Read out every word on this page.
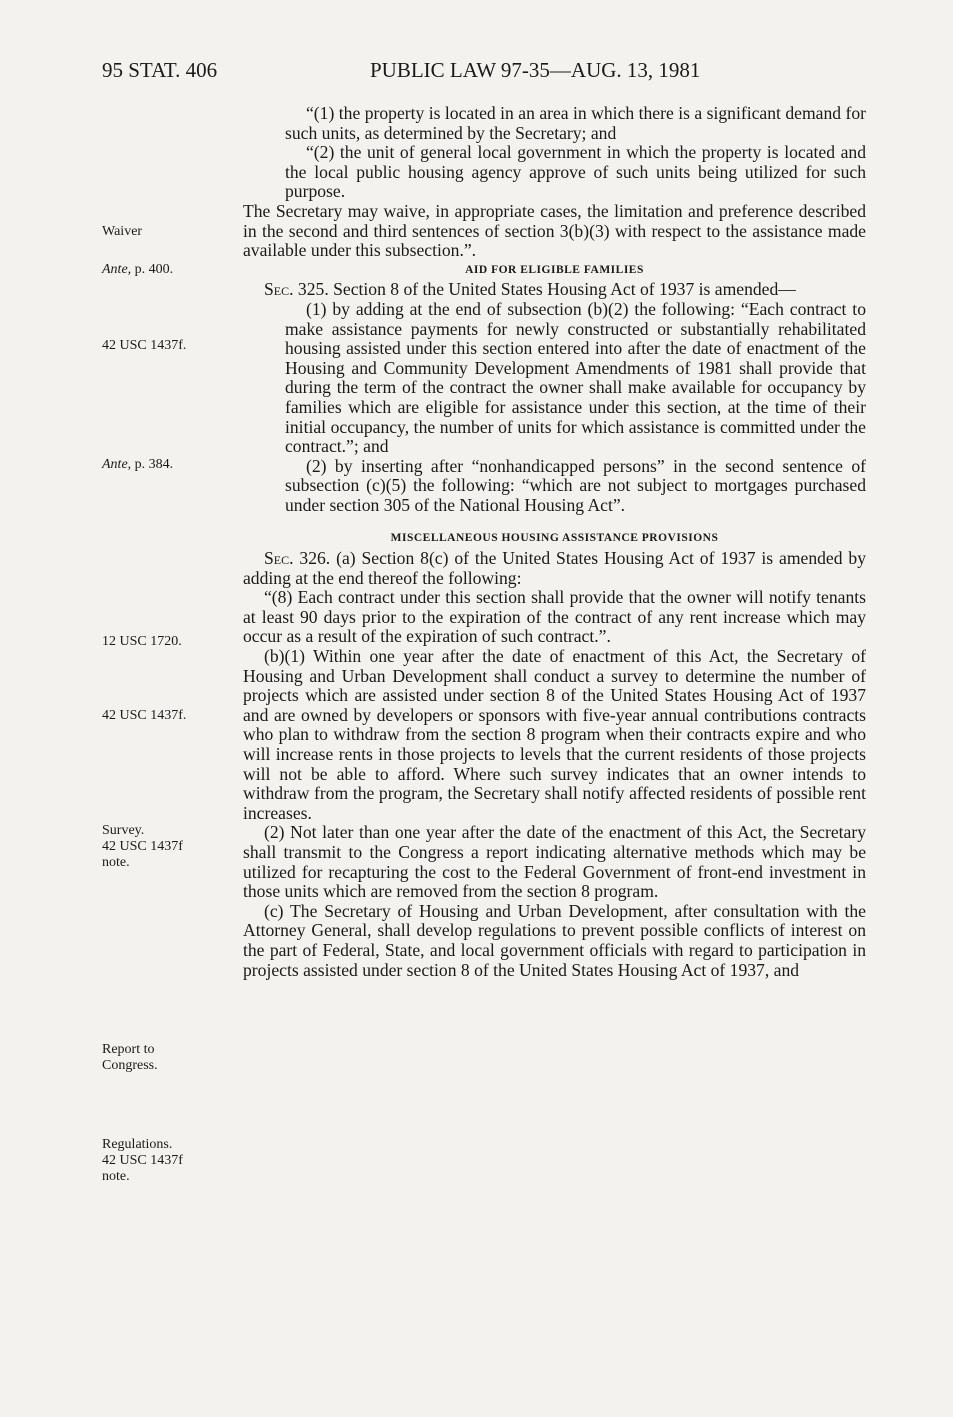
95 STAT. 406	PUBLIC LAW 97-35—AUG. 13, 1981

“(1) the property is located in an area in which there is a significant demand for such units, as determined by the Secretary; and

“(2) the unit of general local government in which the property is located and the local public housing agency approve of such units being utilized for such purpose.

The Secretary may waive, in appropriate cases, the limitation and preference described in the second and third sentences of section 3(b)(3) with respect to the assistance made available under this subsection.”.

AID FOR ELIGIBLE FAMILIES

Sec. 325. Section 8 of the United States Housing Act of 1937 is amended—

(1) by adding at the end of subsection (b)(2) the following: “Each contract to make assistance payments for newly constructed or substantially rehabilitated housing assisted under this section entered into after the date of enactment of the Housing and Community Development Amendments of 1981 shall provide that during the term of the contract the owner shall make available for occupancy by families which are eligible for assistance under this section, at the time of their initial occupancy, the number of units for which assistance is committed under the contract.”; and

(2) by inserting after “nonhandicapped persons” in the second sentence of subsection (c)(5) the following: “which are not subject to mortgages purchased under section 305 of the National Housing Act”.

MISCELLANEOUS HOUSING ASSISTANCE PROVISIONS

Sec. 326. (a) Section 8(c) of the United States Housing Act of 1937 is amended by adding at the end thereof the following:

“(8) Each contract under this section shall provide that the owner will notify tenants at least 90 days prior to the expiration of the contract of any rent increase which may occur as a result of the expiration of such contract.”.

(b)(1) Within one year after the date of enactment of this Act, the Secretary of Housing and Urban Development shall conduct a survey to determine the number of projects which are assisted under section 8 of the United States Housing Act of 1937 and are owned by developers or sponsors with five-year annual contributions contracts who plan to withdraw from the section 8 program when their contracts expire and who will increase rents in those projects to levels that the current residents of those projects will not be able to afford. Where such survey indicates that an owner intends to withdraw from the program, the Secretary shall notify affected residents of possible rent increases.

(2) Not later than one year after the date of the enactment of this Act, the Secretary shall transmit to the Congress a report indicating alternative methods which may be utilized for recapturing the cost to the Federal Government of front-end investment in those units which are removed from the section 8 program.

(c) The Secretary of Housing and Urban Development, after consultation with the Attorney General, shall develop regulations to prevent possible conflicts of interest on the part of Federal, State, and local government officials with regard to participation in projects assisted under section 8 of the United States Housing Act of 1937, and

Waiver
Ante, p. 400.
42 USC 1437f.
Ante, p. 384.
12 USC 1720.
42 USC 1437f.
Survey.
42 USC 1437f
note.
Report to
Congress.
Regulations.
42 USC 1437f
note.
